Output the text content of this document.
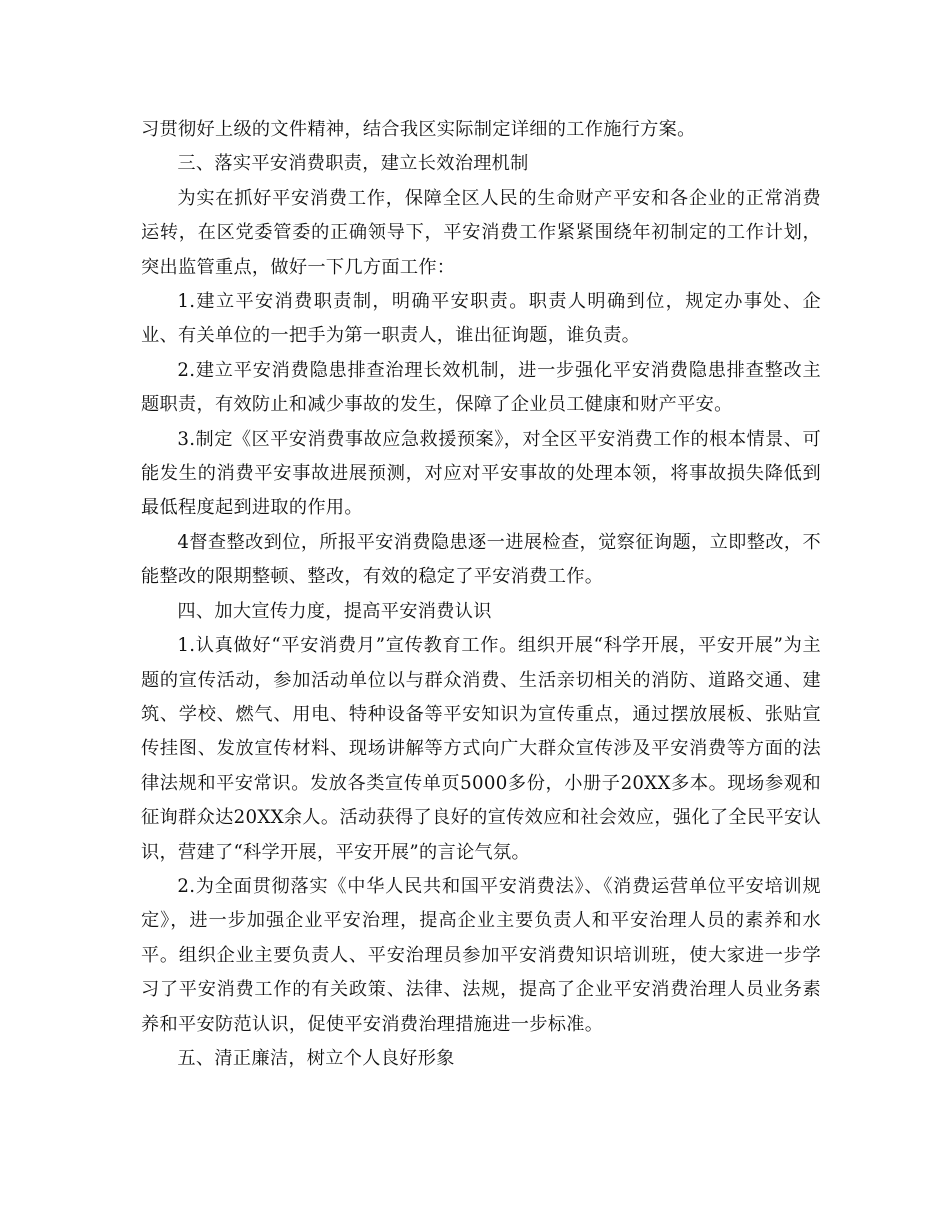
习贯彻好上级的文件精神，结合我区实际制定详细的工作施行方案。

三、落实平安消费职责，建立长效治理机制

为实在抓好平安消费工作，保障全区人民的生命财产平安和各企业的正常消费运转，在区党委管委的正确领导下，平安消费工作紧紧围绕年初制定的工作计划，突出监管重点，做好一下几方面工作：

1.建立平安消费职责制，明确平安职责。职责人明确到位，规定办事处、企业、有关单位的一把手为第一职责人，谁出征询题，谁负责。

2.建立平安消费隐患排查治理长效机制，进一步强化平安消费隐患排查整改主题职责，有效防止和减少事故的发生，保障了企业员工健康和财产平安。

3.制定《区平安消费事故应急救援预案》，对全区平安消费工作的根本情景、可能发生的消费平安事故进展预测，对应对平安事故的处理本领，将事故损失降低到最低程度起到进取的作用。

4督查整改到位，所报平安消费隐患逐一进展检查，觉察征询题，立即整改，不能整改的限期整顿、整改，有效的稳定了平安消费工作。

四、加大宣传力度，提高平安消费认识

1.认真做好“平安消费月”宣传教育工作。组织开展“科学开展，平安开展”为主题的宣传活动，参加活动单位以与群众消费、生活亲切相关的消防、道路交通、建筑、学校、燃气、用电、特种设备等平安知识为宣传重点，通过摆放展板、张贴宣传挂图、发放宣传材料、现场讲解等方式向广大群众宣传涉及平安消费等方面的法律法规和平安常识。发放各类宣传单页5000多份，小册子20XX多本。现场参观和征询群众达20XX余人。活动获得了良好的宣传效应和社会效应，强化了全民平安认识，营建了“科学开展，平安开展”的言论气氛。

2.为全面贯彻落实《中华人民共和国平安消费法》、《消费运营单位平安培训规定》，进一步加强企业平安治理，提高企业主要负责人和平安治理人员的素养和水平。组织企业主要负责人、平安治理员参加平安消费知识培训班，使大家进一步学习了平安消费工作的有关政策、法律、法规，提高了企业平安消费治理人员业务素养和平安防范认识，促使平安消费治理措施进一步标准。

五、清正廉洁，树立个人良好形象
